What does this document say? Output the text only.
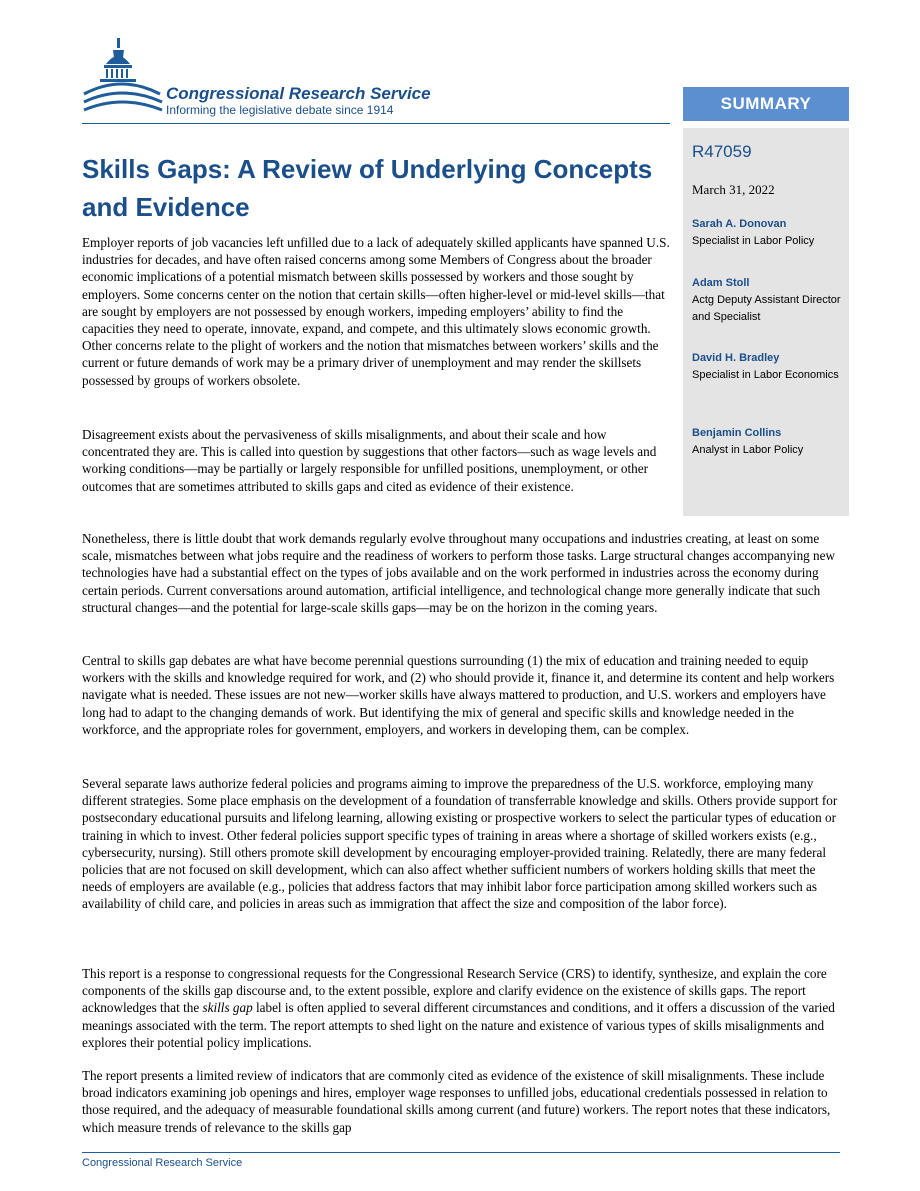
Congressional Research Service
Informing the legislative debate since 1914	SUMMARY
R47059
March 31, 2022
Sarah A. Donovan
Specialist in Labor Policy
Adam Stoll
Actg Deputy Assistant Director and Specialist
David H. Bradley
Specialist in Labor Economics
Benjamin Collins
Analyst in Labor Policy
Skills Gaps: A Review of Underlying Concepts and Evidence

Employer reports of job vacancies left unfilled due to a lack of adequately skilled applicants have spanned U.S. industries for decades, and have often raised concerns among some Members of Congress about the broader economic implications of a potential mismatch between skills possessed by workers and those sought by employers. Some concerns center on the notion that certain skills—often higher-level or mid-level skills—that are sought by employers are not possessed by enough workers, impeding employers’ ability to find the capacities they need to operate, innovate, expand, and compete, and this ultimately slows economic growth. Other concerns relate to the plight of workers and the notion that mismatches between workers’ skills and the current or future demands of work may be a primary driver of unemployment and may render the skillsets possessed by groups of workers obsolete.

Disagreement exists about the pervasiveness of skills misalignments, and about their scale and how concentrated they are. This is called into question by suggestions that other factors—such as wage levels and working conditions—may be partially or largely responsible for unfilled positions, unemployment, or other outcomes that are sometimes attributed to skills gaps and cited as evidence of their existence.

Nonetheless, there is little doubt that work demands regularly evolve throughout many occupations and industries creating, at least on some scale, mismatches between what jobs require and the readiness of workers to perform those tasks. Large structural changes accompanying new technologies have had a substantial effect on the types of jobs available and on the work performed in industries across the economy during certain periods. Current conversations around automation, artificial intelligence, and technological change more generally indicate that such structural changes—and the potential for large-scale skills gaps—may be on the horizon in the coming years.

Central to skills gap debates are what have become perennial questions surrounding (1) the mix of education and training needed to equip workers with the skills and knowledge required for work, and (2) who should provide it, finance it, and determine its content and help workers navigate what is needed. These issues are not new—worker skills have always mattered to production, and U.S. workers and employers have long had to adapt to the changing demands of work. But identifying the mix of general and specific skills and knowledge needed in the workforce, and the appropriate roles for government, employers, and workers in developing them, can be complex.

Several separate laws authorize federal policies and programs aiming to improve the preparedness of the U.S. workforce, employing many different strategies. Some place emphasis on the development of a foundation of transferrable knowledge and skills. Others provide support for postsecondary educational pursuits and lifelong learning, allowing existing or prospective workers to select the particular types of education or training in which to invest. Other federal policies support specific types of training in areas where a shortage of skilled workers exists (e.g., cybersecurity, nursing). Still others promote skill development by encouraging employer-provided training. Relatedly, there are many federal policies that are not focused on skill development, which can also affect whether sufficient numbers of workers holding skills that meet the needs of employers are available (e.g., policies that address factors that may inhibit labor force participation among skilled workers such as availability of child care, and policies in areas such as immigration that affect the size and composition of the labor force).

This report is a response to congressional requests for the Congressional Research Service (CRS) to identify, synthesize, and explain the core components of the skills gap discourse and, to the extent possible, explore and clarify evidence on the existence of skills gaps. The report acknowledges that the skills gap label is often applied to several different circumstances and conditions, and it offers a discussion of the varied meanings associated with the term. The report attempts to shed light on the nature and existence of various types of skills misalignments and explores their potential policy implications.

The report presents a limited review of indicators that are commonly cited as evidence of the existence of skill misalignments. These include broad indicators examining job openings and hires, employer wage responses to unfilled jobs, educational credentials possessed in relation to those required, and the adequacy of measurable foundational skills among current (and future) workers. The report notes that these indicators, which measure trends of relevance to the skills gap

Congressional Research Service
